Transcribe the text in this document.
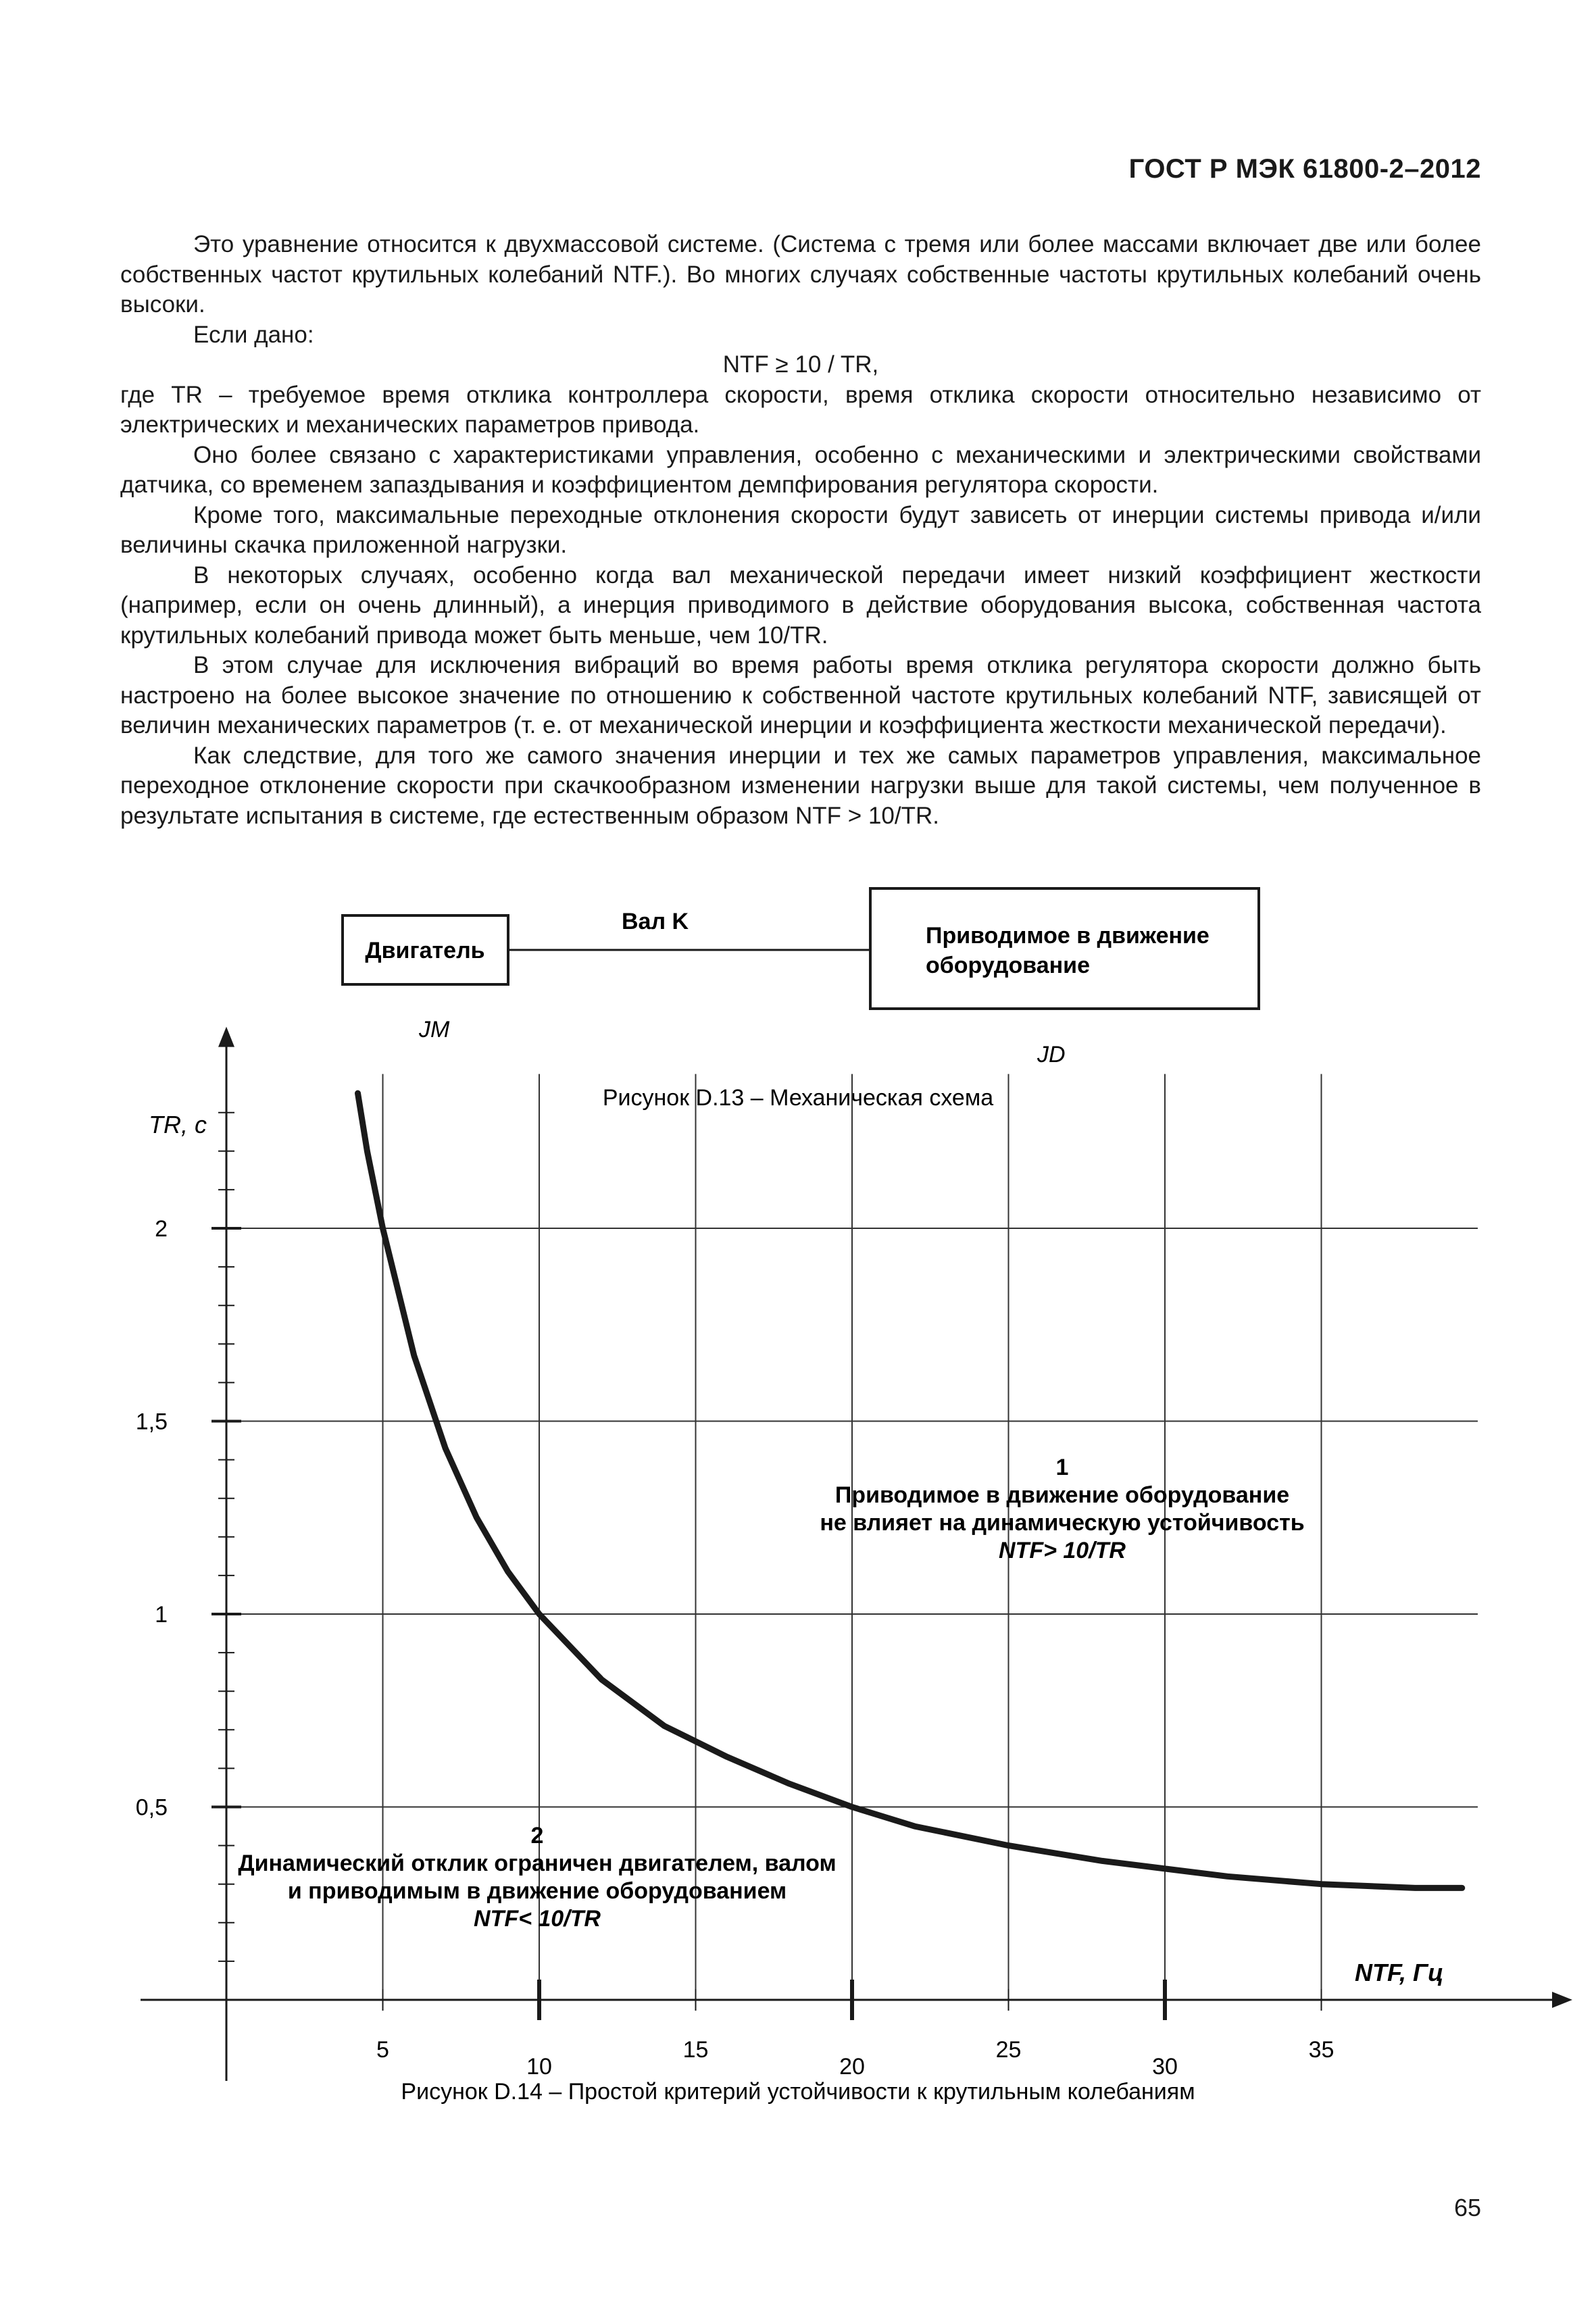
ГОСТ Р МЭК 61800-2–2012

Это уравнение относится к двухмассовой системе. (Система с тремя или более массами включает две или более собственных частот крутильных колебаний NTF.). Во многих случаях собственные частоты крутильных колебаний очень высоки.

Если дано:

NTF ≥ 10 / TR,

где TR – требуемое время отклика контроллера скорости, время отклика скорости относительно независимо от электрических и механических параметров привода.

Оно более связано с характеристиками управления, особенно с механическими и электрическими свойствами датчика, со временем запаздывания и коэффициентом демпфирования регулятора скорости.

Кроме того, максимальные переходные отклонения скорости будут зависеть от инерции системы привода и/или величины скачка приложенной нагрузки.

В некоторых случаях, особенно когда вал механической передачи имеет низкий коэффициент жесткости (например, если он очень длинный), а инерция приводимого в действие оборудования высока, собственная частота крутильных колебаний привода может быть меньше, чем 10/TR.

В этом случае для исключения вибраций во время работы время отклика регулятора скорости должно быть настроено на более высокое значение по отношению к собственной частоте крутильных колебаний NTF, зависящей от величин механических параметров (т. е. от механической инерции и коэффициента жесткости механической передачи).

Как следствие, для того же самого значения инерции и тех же самых параметров управления, максимальное переходное отклонение скорости при скачкообразном изменении нагрузки выше для такой системы, чем полученное в результате испытания в системе, где естественным образом NTF > 10/TR.

Двигатель
Вал K
Приводимое в движение
оборудование
JM
JD
Рисунок D.13 – Механическая схема
5
10
15
20
25
30
35
0,5
1
1,5
2
TR, с
NTF, Гц
1
Приводимое в движение оборудование
не влияет на динамическую устойчивость
NTF> 10/TR
2
Динамический отклик ограничен двигателем, валом
и приводимым в движение оборудованием
NTF< 10/TR
Рисунок D.14 – Простой критерий устойчивости к крутильным колебаниям
65
